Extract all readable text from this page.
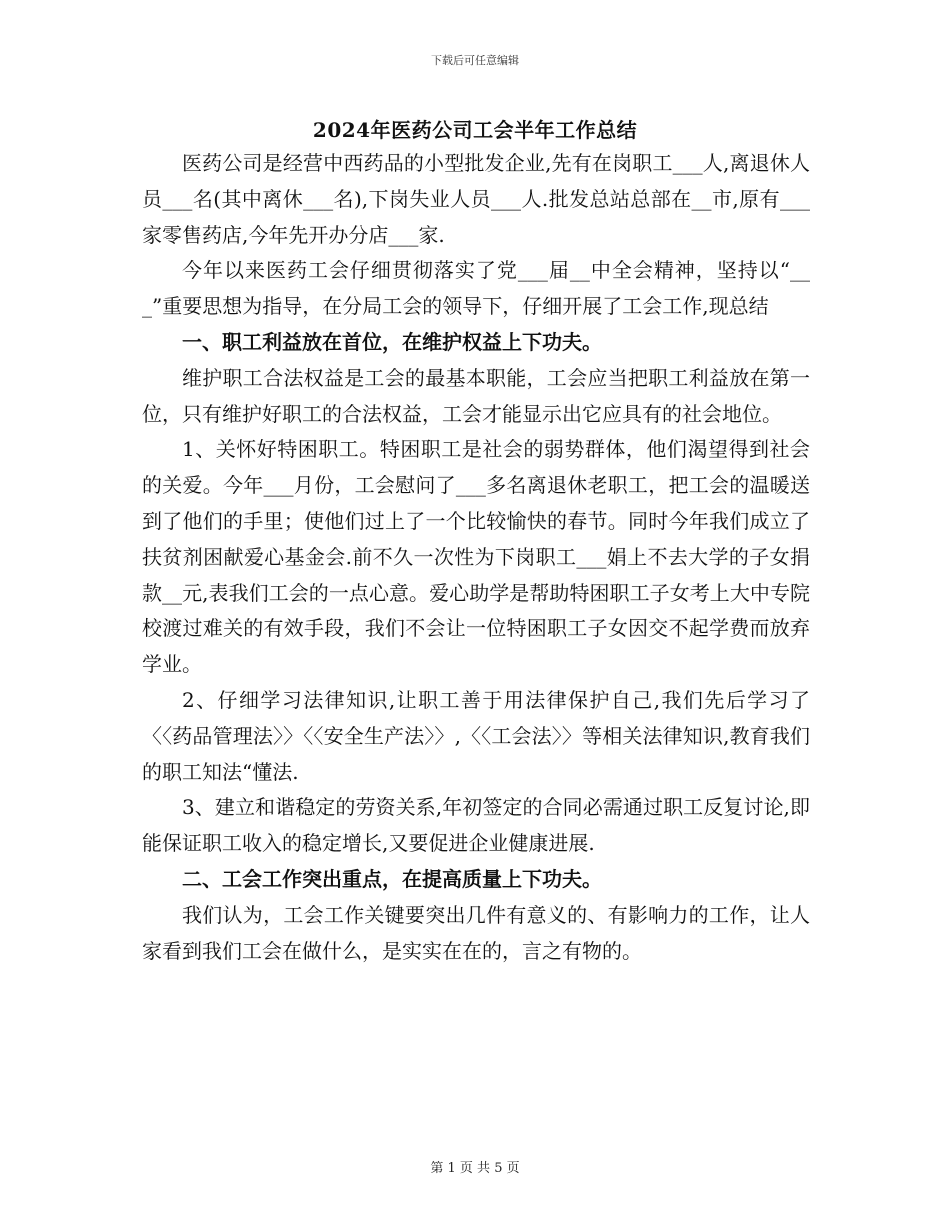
下载后可任意编辑
2024年医药公司工会半年工作总结

医药公司是经营中西药品的小型批发企业,先有在岗职工___人,离退休人员___名(其中离休___名),下岗失业人员___人.批发总站总部在__市,原有___家零售药店,今年先开办分店___家.

今年以来医药工会仔细贯彻落实了党___届__中全会精神，坚持以“___”重要思想为指导，在分局工会的领导下，仔细开展了工会工作,现总结

一、职工利益放在首位，在维护权益上下功夫。

维护职工合法权益是工会的最基本职能，工会应当把职工利益放在第一位，只有维护好职工的合法权益，工会才能显示出它应具有的社会地位。

1、关怀好特困职工。特困职工是社会的弱势群体，他们渴望得到社会的关爱。今年___月份，工会慰问了___多名离退休老职工，把工会的温暖送到了他们的手里；使他们过上了一个比较愉快的春节。同时今年我们成立了扶贫剂困献爱心基金会.前不久一次性为下岗职工___娟上不去大学的子女捐款__元,表我们工会的一点心意。爱心助学是帮助特困职工子女考上大中专院校渡过难关的有效手段，我们不会让一位特困职工子女因交不起学费而放弃学业。

2、仔细学习法律知识,让职工善于用法律保护自己,我们先后学习了〈〈药品管理法〉〉〈〈安全生产法〉〉,〈〈工会法〉〉等相关法律知识,教育我们的职工知法“懂法.

3、建立和谐稳定的劳资关系,年初签定的合同必需通过职工反复讨论,即能保证职工收入的稳定增长,又要促进企业健康进展.

二、工会工作突出重点，在提高质量上下功夫。

我们认为，工会工作关键要突出几件有意义的、有影响力的工作，让人家看到我们工会在做什么，是实实在在的，言之有物的。

第 1 页 共 5 页
